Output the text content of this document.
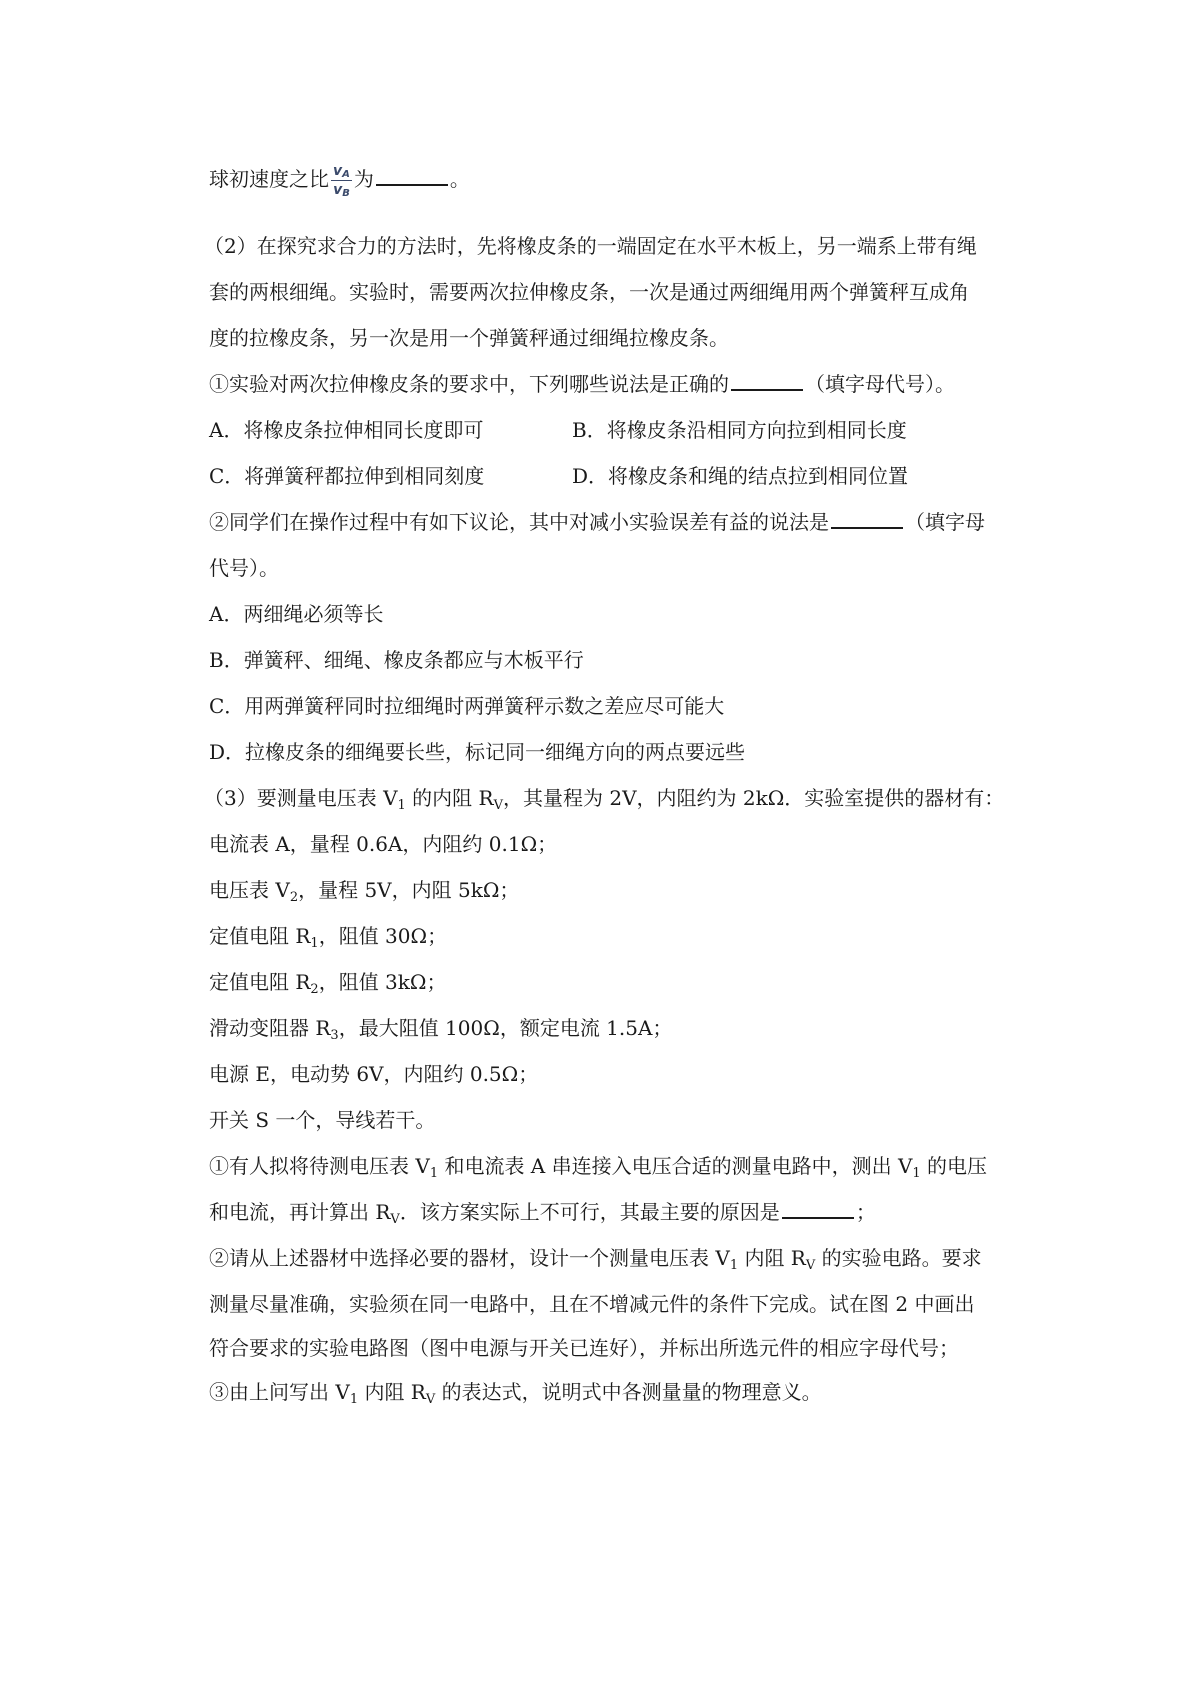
球初速度之比 $\frac{v_A}{v_B}$ 为	。
（2）在探究求合力的方法时，先将橡皮条的一端固定在水平木板上，另一端系上带有绳
套的两根细绳。实验时，需要两次拉伸橡皮条，一次是通过两细绳用两个弹簧秤互成角
度的拉橡皮条，另一次是用一个弹簧秤通过细绳拉橡皮条。
①实验对两次拉伸橡皮条的要求中，下列哪些说法是正确的	（填字母代号）。
A．将橡皮条拉伸相同长度即可	B．将橡皮条沿相同方向拉到相同长度
C．将弹簧秤都拉伸到相同刻度	D．将橡皮条和绳的结点拉到相同位置
②同学们在操作过程中有如下议论，其中对减小实验误差有益的说法是	（填字母
代号）。
A．两细绳必须等长
B．弹簧秤、细绳、橡皮条都应与木板平行
C．用两弹簧秤同时拉细绳时两弹簧秤示数之差应尽可能大
D．拉橡皮条的细绳要长些，标记同一细绳方向的两点要远些
（3）要测量电压表 $V_1$ 的内阻 $R_V$，其量程为 2V，内阻约为 2kΩ．实验室提供的器材有：
电流表 A，量程 0.6A，内阻约 0.1Ω；
电压表 $V_2$，量程 5V，内阻 5kΩ；
定值电阻 $R_1$，阻值 30Ω；
定值电阻 $R_2$，阻值 3kΩ；
滑动变阻器 $R_3$，最大阻值 100Ω，额定电流 1.5A；
电源 E，电动势 6V，内阻约 0.5Ω；
开关 S 一个，导线若干。
①有人拟将待测电压表 $V_1$ 和电流表 A 串连接入电压合适的测量电路中，测出 $V_1$ 的电压
和电流，再计算出 $R_V$．该方案实际上不可行，其最主要的原因是	；
②请从上述器材中选择必要的器材，设计一个测量电压表 $V_1$ 内阻 $R_V$ 的实验电路。要求
测量尽量准确，实验须在同一电路中，且在不增减元件的条件下完成。试在图 2 中画出
符合要求的实验电路图（图中电源与开关已连好），并标出所选元件的相应字母代号；
③由上问写出 $V_1$ 内阻 $R_V$ 的表达式，说明式中各测量量的物理意义。
